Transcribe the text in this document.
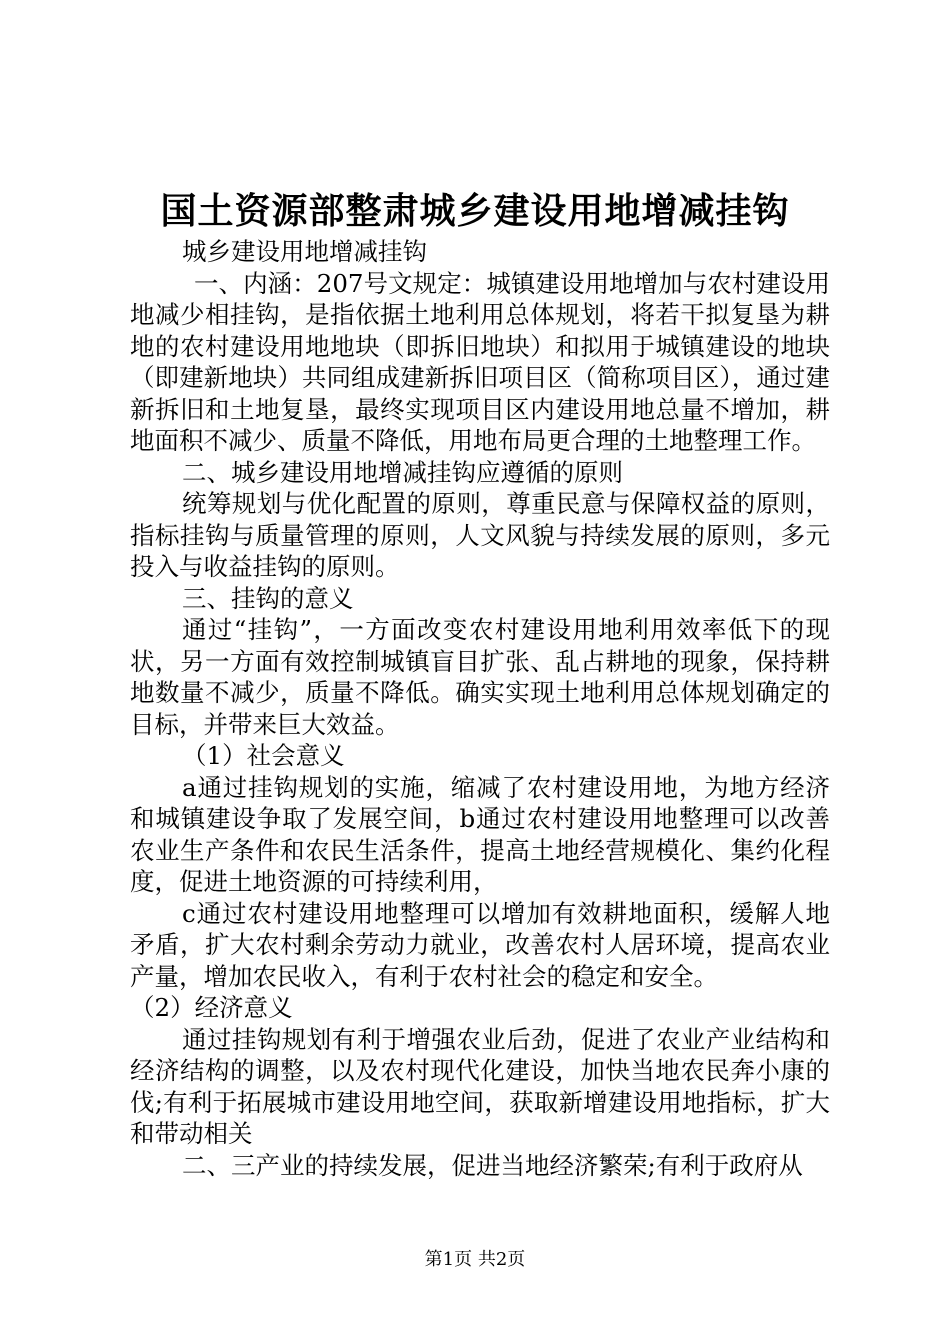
国土资源部整肃城乡建设用地增减挂钩

城乡建设用地增减挂钩

一、内涵：207号文规定：城镇建设用地增加与农村建设用地减少相挂钩，是指依据土地利用总体规划，将若干拟复垦为耕地的农村建设用地地块（即拆旧地块）和拟用于城镇建设的地块（即建新地块）共同组成建新拆旧项目区（简称项目区），通过建新拆旧和土地复垦，最终实现项目区内建设用地总量不增加，耕地面积不减少、质量不降低，用地布局更合理的土地整理工作。

二、城乡建设用地增减挂钩应遵循的原则

统筹规划与优化配置的原则，尊重民意与保障权益的原则，指标挂钩与质量管理的原则，人文风貌与持续发展的原则，多元投入与收益挂钩的原则。

三、挂钩的意义

通过“挂钩”，一方面改变农村建设用地利用效率低下的现状，另一方面有效控制城镇盲目扩张、乱占耕地的现象，保持耕地数量不减少，质量不降低。确实实现土地利用总体规划确定的目标，并带来巨大效益。

（1）社会意义

a通过挂钩规划的实施，缩减了农村建设用地，为地方经济和城镇建设争取了发展空间，b通过农村建设用地整理可以改善农业生产条件和农民生活条件，提高土地经营规模化、集约化程度，促进土地资源的可持续利用，

c通过农村建设用地整理可以增加有效耕地面积，缓解人地矛盾，扩大农村剩余劳动力就业，改善农村人居环境，提高农业产量，增加农民收入，有利于农村社会的稳定和安全。

（2）经济意义

通过挂钩规划有利于增强农业后劲，促进了农业产业结构和经济结构的调整，以及农村现代化建设，加快当地农民奔小康的伐;有利于拓展城市建设用地空间，获取新增建设用地指标，扩大和带动相关

二、三产业的持续发展，促进当地经济繁荣;有利于政府从

第1页 共2页
